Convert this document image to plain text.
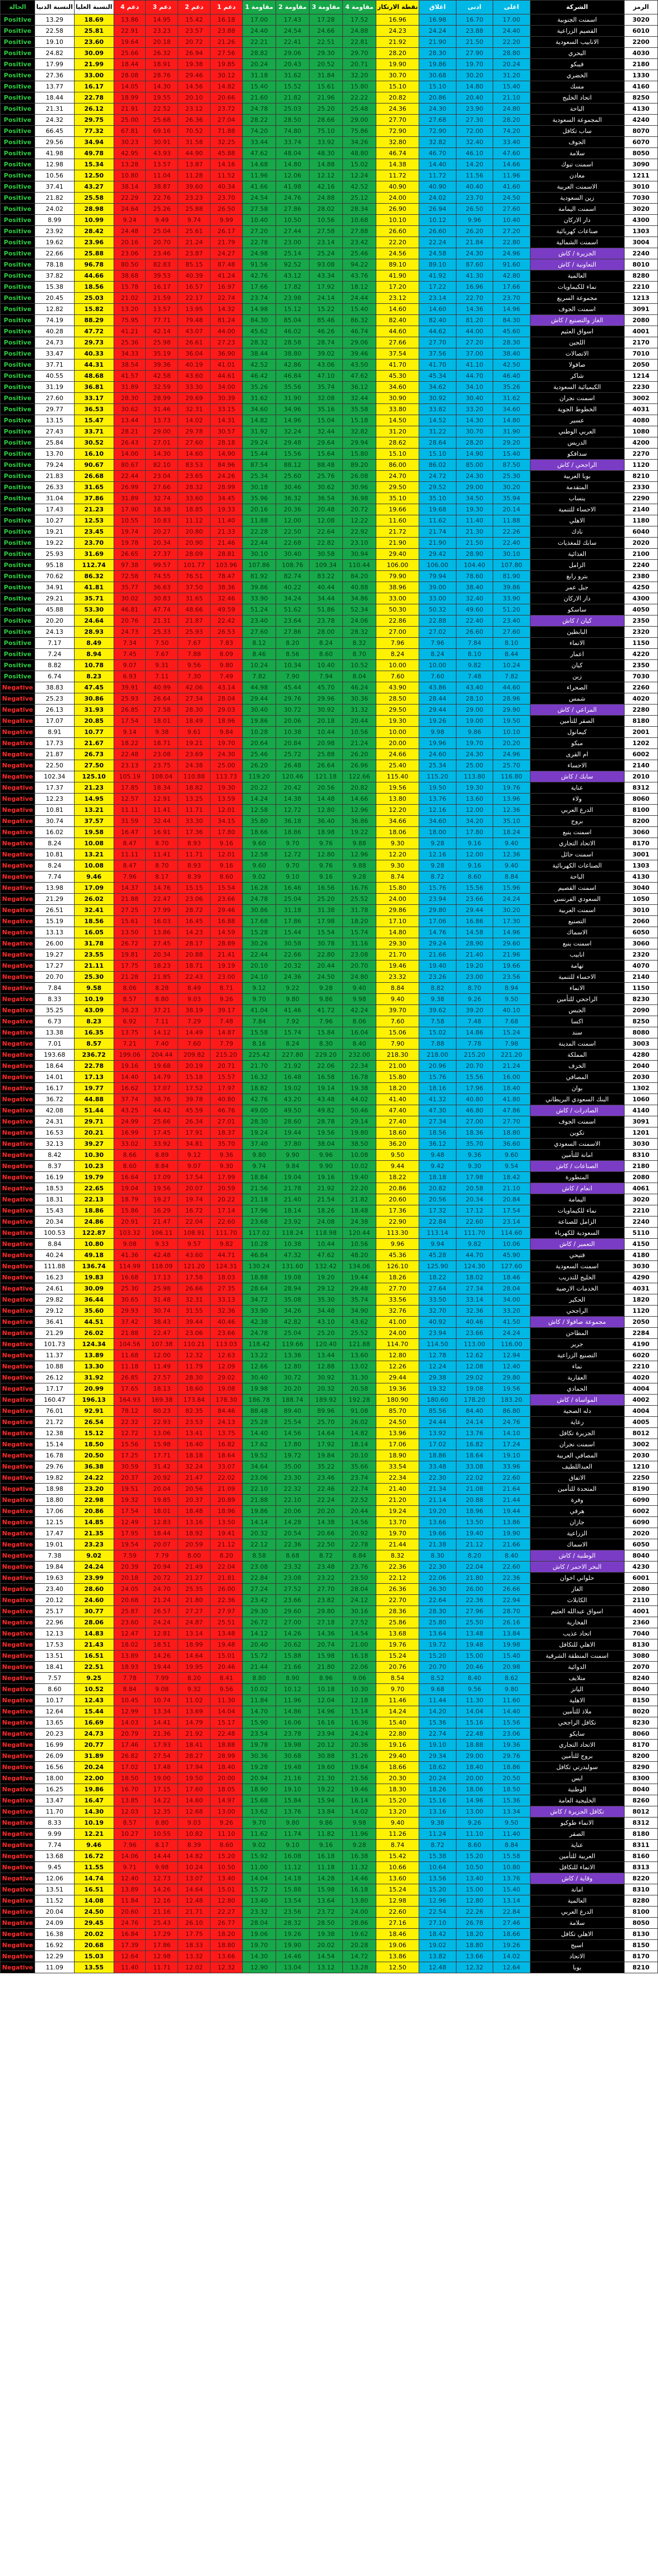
الحالة	النسبة الدنيا	النسبة العليا	دعم 4	دعم 3	دعم 2	دعم 1	مقاومة 1	مقاومة 2	مقاومة 3	مقاومة 4	نقطة الارتكاز	اغلاق	ادنى	اعلى	الشركة	الرمز
Positive	13.29	18.69	13.86	14.95	15.42	16.18	17.00	17.43	17.28	17.52	16.96	16.98	16.70	17.00	اسمنت الجنوبية	3020
Positive	22.58	25.81	22.91	23.23	23.57	23.88	24.40	24.54	24.66	24.88	24.23	24.24	23.88	24.40	القصيم الزراعية	6010
Positive	19.10	23.60	19.64	20.18	20.72	21.26	22.21	22.41	22.51	22.81	21.92	21.90	21.50	22.20	الانابيب السعودية	2200
Positive	24.82	30.09	25.66	26.32	26.94	27.56	28.82	29.06	29.30	29.70	28.20	28.30	27.90	28.80	البحري	4030
Positive	17.99	21.99	18.44	18.91	19.38	19.85	20.24	20.43	20.52	20.71	19.90	19.86	19.70	20.24	فيبكو	2180
Positive	27.36	33.00	28.08	28.76	29.46	30.12	31.18	31.62	31.84	32.20	30.70	30.68	30.20	31.20	الخضري	1330
Positive	13.77	16.17	14.05	14.30	14.56	14.82	15.40	15.52	15.61	15.80	15.10	15.10	14.80	15.40	مسك	4160
Positive	18.44	22.78	18.99	19.55	20.10	20.66	21.60	21.82	21.96	22.22	20.82	20.86	20.40	21.10	اتحاد الخليج	8250
Positive	21.31	26.12	21.91	22.52	23.12	23.72	24.78	25.03	25.20	25.48	24.36	24.30	23.90	24.80	الباحة	4130
Positive	24.32	29.75	25.00	25.68	26.36	27.04	28.22	28.50	28.66	29.00	27.70	27.68	27.30	28.20	المجموعة السعودية	4240
Positive	66.45	77.32	67.81	69.16	70.52	71.88	74.20	74.80	75.10	75.86	72.90	72.90	72.00	74.20	ساب تكافل	8070
Positive	29.56	34.94	30.23	30.91	31.58	32.25	33.44	33.74	33.92	34.26	32.80	32.82	32.40	33.40	الجوف	6070
Positive	41.98	49.78	42.95	43.93	44.90	45.88	47.62	48.04	48.30	48.80	46.74	46.70	46.10	47.60	سلامة	8050
Positive	12.98	15.34	13.28	13.57	13.87	14.16	14.68	14.80	14.88	15.02	14.38	14.40	14.20	14.66	اسمنت تبوك	3090
Positive	10.56	12.50	10.80	11.04	11.28	11.52	11.96	12.06	12.12	12.24	11.72	11.72	11.56	11.96	معادن	1211
Positive	37.41	43.27	38.14	38.87	39.60	40.34	41.66	41.98	42.16	42.52	40.90	40.90	40.40	41.60	الاسمنت العربية	3010
Positive	21.82	25.58	22.29	22.76	23.23	23.70	24.54	24.76	24.88	25.12	24.00	24.02	23.70	24.50	زين السعودية	7030
Positive	24.02	28.98	24.64	25.26	25.88	26.50	27.58	27.86	28.02	28.34	26.90	26.94	26.50	27.60	اسمنت اليمامة	3020
Positive	8.99	10.99	9.24	9.49	9.74	9.99	10.40	10.50	10.56	10.68	10.10	10.12	9.96	10.40	دار الاركان	4300
Positive	23.92	28.42	24.48	25.04	25.61	26.17	27.20	27.44	27.58	27.88	26.60	26.60	26.20	27.20	صناعات كهربائية	1303
Positive	19.62	23.96	20.16	20.70	21.24	21.79	22.78	23.00	23.14	23.42	22.20	22.24	21.84	22.80	اسمنت الشمالية	3004
Positive	22.66	25.88	23.06	23.46	23.87	24.27	24.98	25.14	25.24	25.46	24.56	24.58	24.30	24.96	الجزيرة / كاش	2240
Positive	78.18	96.78	80.50	82.83	85.15	87.48	91.56	92.52	93.08	94.22	89.10	89.10	87.60	91.60	التعاونية / كاش	8010
Positive	37.82	44.66	38.68	39.53	40.39	41.24	42.76	43.12	43.34	43.76	41.90	41.92	41.30	42.80	العالمية	8280
Positive	15.38	18.56	15.78	16.17	16.57	16.97	17.66	17.82	17.92	18.12	17.20	17.22	16.96	17.66	نماء للكيماويات	2210
Positive	20.45	25.03	21.02	21.59	22.17	22.74	23.74	23.98	24.14	24.44	23.12	23.14	22.70	23.70	مجموعة السريع	1213
Positive	12.82	15.82	13.20	13.57	13.95	14.32	14.98	15.12	15.22	15.40	14.60	14.60	14.36	14.96	اسمنت الجوف	3091
Positive	74.19	88.29	75.95	77.71	79.48	81.24	84.30	85.04	85.46	86.32	82.40	82.40	81.20	84.30	الغاز والتصنيع / كاش	2080
Positive	40.28	47.72	41.21	42.14	43.07	44.00	45.62	46.02	46.26	46.74	44.60	44.62	44.00	45.60	اسواق العثيم	4001
Positive	24.73	29.73	25.36	25.98	26.61	27.23	28.32	28.58	28.74	29.06	27.66	27.70	27.20	28.30	اللجين	2170
Positive	33.47	40.33	34.33	35.19	36.04	36.90	38.44	38.80	39.02	39.46	37.54	37.56	37.00	38.40	الاتصالات	7010
Positive	37.71	44.31	38.54	39.36	40.19	41.01	42.52	42.86	43.06	43.50	41.70	41.70	41.10	42.50	صافولا	2050
Positive	40.55	48.68	41.57	42.58	43.60	44.61	46.42	46.84	47.10	47.62	45.30	45.34	44.70	46.40	شاكر	1214
Positive	31.19	36.81	31.89	32.59	33.30	34.00	35.26	35.56	35.74	36.12	34.60	34.62	34.10	35.26	الكيميائية السعودية	2230
Positive	27.60	33.17	28.30	28.99	29.69	30.39	31.62	31.90	32.08	32.44	30.90	30.92	30.40	31.62	اسمنت نجران	3002
Positive	29.77	36.53	30.62	31.46	32.31	33.15	34.60	34.96	35.16	35.58	33.80	33.82	33.20	34.60	الخطوط الجوية	4031
Positive	13.15	15.47	13.44	13.73	14.02	14.31	14.82	14.96	15.04	15.18	14.50	14.52	14.30	14.80	عسير	4080
Positive	27.43	33.71	28.21	29.00	29.78	30.57	31.92	32.24	32.44	32.82	31.20	31.22	30.70	31.90	العربي الوطني	1080
Positive	25.84	30.52	26.43	27.01	27.60	28.18	29.24	29.48	29.64	29.94	28.62	28.64	28.20	29.20	الدريس	4200
Positive	13.70	16.10	14.00	14.30	14.60	14.90	15.44	15.56	15.64	15.80	15.10	15.10	14.90	15.40	سدافكو	2270
Positive	79.24	90.67	80.67	82.10	83.53	84.96	87.54	88.12	88.48	89.20	86.00	86.02	85.00	87.50	الراجحي / كاش	1120
Positive	21.83	26.68	22.44	23.04	23.65	24.26	25.34	25.60	25.76	26.08	24.70	24.72	24.30	25.30	بوبا العربية	8210
Positive	26.33	31.65	26.99	27.66	28.32	28.99	30.18	30.46	30.62	30.96	29.50	29.52	29.00	30.20	المتقدمة	2330
Positive	31.04	37.86	31.89	32.74	33.60	34.45	35.96	36.32	36.54	36.98	35.10	35.10	34.50	35.94	ينساب	2290
Positive	17.43	21.23	17.90	18.38	18.85	19.33	20.16	20.36	20.48	20.72	19.66	19.68	19.30	20.14	الاحساء للتنمية	2140
Positive	10.27	12.53	10.55	10.83	11.12	11.40	11.88	12.00	12.08	12.22	11.60	11.62	11.40	11.88	الاهلي	1180
Positive	19.21	23.45	19.74	20.27	20.80	21.33	22.28	22.50	22.64	22.92	21.72	21.74	21.30	22.26	نادك	6040
Positive	19.22	23.70	19.78	20.34	20.90	21.46	22.44	22.68	22.82	23.10	21.90	21.90	21.50	22.40	سابك للمغذيات	2020
Positive	25.93	31.69	26.65	27.37	28.09	28.81	30.10	30.40	30.58	30.94	29.40	29.42	28.90	30.10	الغذائية	2100
Positive	95.18	112.74	97.38	99.57	101.77	103.96	107.86	108.76	109.34	110.44	106.00	106.00	104.40	107.80	الزامل	2240
Positive	70.62	86.32	72.58	74.55	76.51	78.47	81.92	82.74	83.22	84.20	79.90	79.94	78.60	81.90	بترو رابغ	2380
Positive	34.91	41.81	35.77	36.63	37.50	38.36	39.86	40.22	40.44	40.88	38.96	39.00	38.40	39.86	جبل عمر	4250
Positive	29.21	35.71	30.02	30.83	31.65	32.46	33.90	34.24	34.44	34.86	33.00	33.00	32.40	33.90	دار الاركان	4300
Positive	45.88	53.30	46.81	47.74	48.66	49.59	51.24	51.62	51.86	52.34	50.30	50.32	49.60	51.20	ساسكو	4050
Positive	20.20	24.64	20.76	21.31	21.87	22.42	23.40	23.64	23.78	24.06	22.86	22.88	22.40	23.40	كيان / كاش	2350
Positive	24.13	28.93	24.73	25.33	25.93	26.53	27.60	27.86	28.00	28.32	27.00	27.02	26.60	27.60	البابطين	2320
Positive	7.17	8.49	7.34	7.50	7.67	7.83	8.12	8.20	8.24	8.32	7.96	7.96	7.84	8.10	الانماء	1150
Positive	7.24	8.94	7.45	7.67	7.88	8.09	8.46	8.56	8.60	8.70	8.24	8.24	8.10	8.44	اعمار	4220
Positive	8.82	10.78	9.07	9.31	9.56	9.80	10.24	10.34	10.40	10.52	10.00	10.00	9.82	10.24	كيان	2350
Positive	6.74	8.23	6.93	7.11	7.30	7.49	7.82	7.90	7.94	8.04	7.60	7.60	7.48	7.82	زين	7030
Negative	38.83	47.45	39.91	40.99	42.06	43.14	44.98	45.44	45.70	46.24	43.90	43.86	43.40	44.60	الصحراء	2260
Negative	25.23	30.86	25.93	26.64	27.34	28.04	29.44	29.76	29.96	30.36	28.50	28.44	28.10	28.96	شمس	4020
Negative	26.13	31.93	26.85	27.58	28.30	29.03	30.40	30.72	30.92	31.32	29.50	29.44	29.00	29.90	المراعي / كاش	2280
Negative	17.07	20.85	17.54	18.01	18.49	18.96	19.86	20.06	20.18	20.44	19.30	19.26	19.00	19.50	الصقر للتأمين	8180
Negative	8.91	10.77	9.14	9.38	9.61	9.84	10.28	10.38	10.44	10.56	10.00	9.98	9.86	10.10	كيمانول	2001
Negative	17.73	21.67	18.22	18.71	19.21	19.70	20.64	20.84	20.98	21.24	20.00	19.96	19.70	20.20	مبكو	1202
Negative	21.87	26.73	22.48	23.08	23.69	24.30	25.46	25.72	25.88	26.20	24.66	24.60	24.30	24.96	ام القرى	6002
Negative	22.50	27.50	23.13	23.75	24.38	25.00	26.20	26.48	26.64	26.96	25.40	25.34	25.00	25.70	الاحساء	2140
Negative	102.34	125.10	105.19	108.04	110.88	113.73	119.20	120.46	121.18	122.66	115.40	115.20	113.80	116.80	سابك / كاش	2010
Negative	17.37	21.23	17.85	18.34	18.82	19.30	20.22	20.42	20.56	20.82	19.56	19.50	19.30	19.76	عناية	8312
Negative	12.23	14.95	12.57	12.91	13.25	13.59	14.24	14.38	14.48	14.66	13.80	13.76	13.60	13.96	ولاء	8060
Negative	10.81	13.21	11.11	11.41	11.71	12.01	12.58	12.72	12.80	12.96	12.20	12.16	12.00	12.36	الدرع العربي	8100
Negative	30.74	37.57	31.59	32.44	33.30	34.15	35.80	36.18	36.40	36.86	34.66	34.60	34.20	35.10	بروج	8200
Negative	16.02	19.58	16.47	16.91	17.36	17.80	18.66	18.86	18.98	19.22	18.06	18.00	17.80	18.24	اسمنت ينبع	3060
Negative	8.24	10.08	8.47	8.70	8.93	9.16	9.60	9.70	9.76	9.88	9.30	9.28	9.16	9.40	الاتحاد التجاري	8170
Negative	10.81	13.21	11.11	11.41	11.71	12.01	12.58	12.72	12.80	12.96	12.20	12.16	12.00	12.36	اسمنت حائل	3001
Negative	8.24	10.08	8.47	8.70	8.93	9.16	9.60	9.70	9.76	9.88	9.30	9.28	9.16	9.40	الصناعات الكهربائية	1303
Negative	7.74	9.46	7.96	8.17	8.39	8.60	9.02	9.10	9.16	9.28	8.74	8.72	8.60	8.84	الباحة	4130
Negative	13.98	17.09	14.37	14.76	15.15	15.54	16.28	16.46	16.56	16.76	15.80	15.76	15.56	15.96	اسمنت القصيم	3040
Negative	21.29	26.02	21.88	22.47	23.06	23.66	24.78	25.04	25.20	25.52	24.00	23.94	23.66	24.24	السعودي الفرنسي	1050
Negative	26.51	32.41	27.25	27.99	28.72	29.46	30.86	31.18	31.38	31.78	29.86	29.80	29.44	30.20	اسمنت العربية	3010
Negative	15.19	18.56	15.61	16.03	16.45	16.88	17.68	17.86	17.98	18.20	17.10	17.06	16.86	17.30	التصنيع	2060
Negative	13.13	16.05	13.50	13.86	14.23	14.59	15.28	15.44	15.54	15.74	14.80	14.76	14.58	14.96	الاسماك	6050
Negative	26.00	31.78	26.72	27.45	28.17	28.89	30.26	30.58	30.78	31.16	29.30	29.24	28.90	29.60	اسمنت ينبع	3060
Negative	19.27	23.55	19.81	20.34	20.88	21.41	22.44	22.66	22.80	23.08	21.70	21.66	21.40	21.96	انابيب	2320
Negative	17.27	21.11	17.75	18.23	18.71	19.19	20.10	20.32	20.44	20.70	19.46	19.40	19.20	19.66	تهامة	4070
Negative	20.70	25.30	21.28	21.85	22.43	23.00	24.10	24.36	24.50	24.80	23.32	23.26	23.00	23.56	الاحساء للتنمية	2140
Negative	7.84	9.58	8.06	8.28	8.49	8.71	9.12	9.22	9.28	9.40	8.84	8.82	8.70	8.94	الانماء	1150
Negative	8.33	10.19	8.57	8.80	9.03	9.26	9.70	9.80	9.86	9.98	9.40	9.38	9.26	9.50	الراجحي للتأمين	8230
Negative	35.25	43.09	36.23	37.21	38.19	39.17	41.04	41.46	41.72	42.24	39.70	39.62	39.20	40.10	الجبس	2090
Negative	6.73	8.23	6.92	7.11	7.29	7.48	7.84	7.92	7.96	8.06	7.60	7.58	7.48	7.68	اكسا	8250
Negative	13.38	16.35	13.75	14.12	14.49	14.87	15.58	15.74	15.84	16.04	15.06	15.02	14.86	15.24	سند	8080
Negative	7.01	8.57	7.21	7.40	7.60	7.79	8.16	8.24	8.30	8.40	7.90	7.88	7.78	7.98	اسمنت المدينة	3003
Negative	193.68	236.72	199.06	204.44	209.82	215.20	225.42	227.80	229.20	232.00	218.30	218.00	215.20	221.20	المملكة	4280
Negative	18.64	22.78	19.16	19.68	20.19	20.71	21.70	21.92	22.06	22.34	21.00	20.96	20.70	21.24	الخزف	2040
Negative	14.01	17.13	14.40	14.79	15.18	15.57	16.32	16.48	16.58	16.78	15.80	15.76	15.56	16.00	المصافي	2030
Negative	16.17	19.77	16.62	17.07	17.52	17.97	18.82	19.02	19.14	19.38	18.20	18.16	17.96	18.40	بوان	1302
Negative	36.72	44.88	37.74	38.76	39.78	40.80	42.76	43.20	43.48	44.02	41.40	41.32	40.80	41.80	البنك السعودي البريطاني	1060
Negative	42.08	51.44	43.25	44.42	45.59	46.76	49.00	49.50	49.82	50.46	47.40	47.30	46.80	47.86	الصادرات / كاش	4140
Negative	24.31	29.71	24.99	25.66	26.34	27.01	28.30	28.60	28.78	29.14	27.40	27.34	27.00	27.70	اسمنت الجوف	3091
Negative	16.53	20.21	16.99	17.45	17.91	18.37	19.24	19.44	19.56	19.80	18.60	18.56	18.36	18.80	تكوين	1201
Negative	32.13	39.27	33.02	33.92	34.81	35.70	37.40	37.80	38.04	38.50	36.20	36.12	35.70	36.60	الاسمنت السعودي	3030
Negative	8.42	10.30	8.66	8.89	9.12	9.36	9.80	9.90	9.96	10.08	9.50	9.48	9.36	9.60	امانة للتأمين	8310
Negative	8.37	10.23	8.60	8.84	9.07	9.30	9.74	9.84	9.90	10.02	9.44	9.42	9.30	9.54	الصناعات / كاش	2180
Negative	16.19	19.79	16.64	17.09	17.54	17.99	18.84	19.04	19.16	19.40	18.22	18.18	17.98	18.42	المتطورة	2080
Negative	18.53	22.65	19.04	19.56	20.07	20.59	21.56	21.78	21.92	22.20	20.86	20.82	20.58	21.10	انعام / كاش	4061
Negative	18.31	22.13	18.79	19.27	19.74	20.22	21.18	21.40	21.54	21.82	20.60	20.56	20.34	20.84	اليمامة	3020
Negative	15.43	18.86	15.86	16.29	16.72	17.14	17.96	18.14	18.26	18.48	17.36	17.32	17.12	17.54	نماء للكيماويات	2210
Negative	20.34	24.86	20.91	21.47	22.04	22.60	23.68	23.92	24.08	24.38	22.90	22.84	22.60	23.14	الزامل للصناعة	2240
Negative	100.53	122.87	103.32	106.11	108.91	111.70	117.02	118.24	118.98	120.44	113.30	113.14	111.70	114.60	السعودية للكهرباء	5110
Negative	8.84	10.80	9.08	9.33	9.57	9.82	10.28	10.38	10.44	10.56	9.96	9.94	9.82	10.06	التعمير / كاش	4150
Negative	40.24	49.18	41.36	42.48	43.60	44.71	46.84	47.32	47.62	48.20	45.36	45.28	44.70	45.90	فتيحي	4180
Negative	111.88	136.74	114.99	118.09	121.20	124.31	130.24	131.60	132.42	134.06	126.10	125.90	124.30	127.60	اسمنت السعودية	3030
Negative	16.23	19.83	16.68	17.13	17.58	18.03	18.88	19.08	19.20	19.44	18.26	18.22	18.02	18.46	الخليج للتدريب	4290
Negative	24.61	30.09	25.30	25.98	26.66	27.35	28.64	28.94	29.12	29.48	27.70	27.64	27.34	28.04	الخدمات الارضية	4031
Negative	29.82	36.44	30.65	31.48	32.31	33.13	34.72	35.08	35.30	35.74	33.56	33.50	33.14	34.00	الحكير	1820
Negative	29.12	35.60	29.93	30.74	31.55	32.36	33.90	34.26	34.48	34.90	32.76	32.70	32.36	33.20	الراجحي	1120
Negative	36.41	44.51	37.42	38.43	39.44	40.46	42.38	42.82	43.10	43.62	41.00	40.92	40.46	41.50	مجموعة صافولا / كاش	2050
Negative	21.29	26.02	21.88	22.47	23.06	23.66	24.78	25.04	25.20	25.52	24.00	23.94	23.66	24.24	المطاحن	2284
Negative	101.73	124.34	104.56	107.38	110.21	113.03	118.42	119.66	120.40	121.88	114.70	114.50	113.00	116.00	جرير	4190
Negative	11.37	13.89	11.68	12.00	12.32	12.63	13.22	13.36	13.44	13.60	12.80	12.78	12.62	12.94	التصنيع الزراعية	6020
Negative	10.88	13.30	11.18	11.49	11.79	12.09	12.66	12.80	12.88	13.02	12.26	12.24	12.08	12.40	نماء	2210
Negative	26.12	31.92	26.85	27.57	28.30	29.02	30.40	30.72	30.92	31.30	29.44	29.38	29.02	29.80	العقارية	4020
Negative	17.17	20.99	17.65	18.13	18.60	19.08	19.98	20.20	20.32	20.58	19.36	19.32	19.08	19.56	الحمادي	4004
Negative	160.47	196.13	164.93	169.38	173.84	178.30	186.78	188.74	189.92	192.28	180.90	180.60	178.20	183.20	المواساة / كاش	4002
Negative	76.01	92.91	78.12	80.23	82.35	84.46	88.48	89.40	89.96	91.08	85.70	85.56	84.40	86.80	دله الصحية	4004
Negative	21.72	26.54	22.32	22.93	23.53	24.13	25.28	25.54	25.70	26.02	24.50	24.44	24.14	24.76	رعاية	4005
Negative	12.38	15.12	12.72	13.06	13.41	13.75	14.40	14.56	14.64	14.82	13.96	13.92	13.76	14.10	الجزيرة تكافل	8012
Negative	15.14	18.50	15.56	15.98	16.40	16.82	17.62	17.80	17.92	18.14	17.06	17.02	16.82	17.24	اسمنت نجران	3002
Negative	16.78	20.50	17.25	17.71	18.18	18.64	19.52	19.72	19.84	20.10	18.90	18.86	18.64	19.10	المصافي العربية	2030
Negative	29.76	36.38	30.59	31.42	32.24	33.07	34.64	35.00	35.22	35.66	33.54	33.48	33.08	33.96	العبداللطيف	1210
Negative	19.82	24.22	20.37	20.92	21.47	22.02	23.06	23.30	23.46	23.74	22.34	22.30	22.02	22.60	الاتفاق	2250
Negative	18.98	23.20	19.51	20.04	20.56	21.09	22.10	22.32	22.46	22.74	21.40	21.34	21.08	21.64	المتحدة للتأمين	8190
Negative	18.80	22.98	19.32	19.85	20.37	20.89	21.88	22.10	22.24	22.52	21.20	21.14	20.88	21.44	وفرة	6090
Negative	17.06	20.86	17.54	18.01	18.48	18.96	19.86	20.06	20.20	20.44	19.24	19.20	18.96	19.44	هرفي	6002
Negative	12.15	14.85	12.49	12.83	13.16	13.50	14.14	14.28	14.38	14.56	13.70	13.66	13.50	13.86	جازان	6090
Negative	17.47	21.35	17.95	18.44	18.92	19.41	20.32	20.54	20.66	20.92	19.70	19.66	19.40	19.90	الزراعية	2020
Negative	19.01	23.23	19.54	20.07	20.59	21.12	22.12	22.36	22.50	22.78	21.44	21.38	21.12	21.66	الاسماك	6050
Negative	7.38	9.02	7.59	7.79	8.00	8.20	8.58	8.68	8.72	8.84	8.32	8.30	8.20	8.40	الوطنية / كاش	8040
Negative	19.84	24.24	20.39	20.94	21.49	22.04	23.08	23.32	23.48	23.76	22.36	22.30	22.04	22.60	البحر الاحمر / كاش	4230
Negative	19.63	23.99	20.18	20.72	21.27	21.81	22.84	23.08	23.22	23.50	22.12	22.06	21.80	22.36	حلواني اخوان	6001
Negative	23.40	28.60	24.05	24.70	25.35	26.00	27.24	27.52	27.70	28.04	26.36	26.30	26.00	26.66	الغاز	2080
Negative	20.12	24.60	20.68	21.24	21.80	22.36	23.42	23.66	23.82	24.12	22.70	22.64	22.36	22.94	الكابلات	2110
Negative	25.17	30.77	25.87	26.57	27.27	27.97	29.30	29.60	29.80	30.16	28.36	28.30	27.96	28.70	اسواق عبدالله العثيم	4001
Negative	22.96	28.06	23.60	24.24	24.87	25.51	26.72	27.00	27.18	27.52	25.86	25.80	25.50	26.16	الفخارية	2360
Negative	12.13	14.83	12.47	12.81	13.14	13.48	14.12	14.26	14.36	14.54	13.68	13.64	13.48	13.84	اتحاد عذيب	7040
Negative	17.53	21.43	18.02	18.51	18.99	19.48	20.40	20.62	20.74	21.00	19.76	19.72	19.48	19.98	الاهلي للتكافل	8130
Negative	13.51	16.51	13.89	14.26	14.64	15.01	15.72	15.88	15.98	16.18	15.24	15.20	15.00	15.40	اسمنت المنطقة الشرقية	3080
Negative	18.41	22.51	18.93	19.44	19.95	20.46	21.44	21.66	21.80	22.06	20.76	20.70	20.46	20.98	الدوائية	2070
Negative	7.57	9.25	7.78	7.99	8.20	8.41	8.80	8.90	8.96	9.06	8.54	8.52	8.40	8.62	متلايف	8240
Negative	8.60	10.52	8.84	9.08	9.32	9.56	10.02	10.12	10.18	10.30	9.70	9.68	9.56	9.80	اليانز	8040
Negative	10.17	12.43	10.45	10.74	11.02	11.30	11.84	11.96	12.04	12.18	11.46	11.44	11.30	11.60	الاهلية	8150
Negative	12.64	15.44	12.99	13.34	13.69	14.04	14.70	14.86	14.96	15.14	14.24	14.20	14.04	14.40	ملاذ للتأمين	8020
Negative	13.65	16.69	14.03	14.41	14.79	15.17	15.90	16.06	16.16	16.36	15.40	15.36	15.16	15.56	تكافل الراجحي	8230
Negative	20.23	24.73	20.79	21.36	21.92	22.48	23.54	23.78	23.94	24.24	22.80	22.74	22.48	23.06	سايكو	8060
Negative	16.99	20.77	17.46	17.93	18.41	18.88	19.78	19.98	20.12	20.36	19.16	19.10	18.88	19.36	الاتحاد التجاري	8170
Negative	26.09	31.89	26.82	27.54	28.27	28.99	30.36	30.68	30.88	31.26	29.40	29.34	29.00	29.76	بروج للتأمين	8200
Negative	16.56	20.24	17.02	17.48	17.94	18.40	19.28	19.48	19.60	19.84	18.66	18.62	18.40	18.86	سوليدرتي تكافل	8290
Negative	18.00	22.00	18.50	19.00	19.50	20.00	20.94	21.16	21.30	21.56	20.30	20.24	20.00	20.50	ايس	8300
Negative	16.25	19.86	16.70	17.15	17.60	18.05	18.90	19.10	19.22	19.46	18.30	18.26	18.06	18.50	الوطنية	8040
Negative	13.47	16.47	13.85	14.22	14.60	14.97	15.68	15.84	15.94	16.14	15.20	15.16	14.96	15.36	الخليجية العامة	8260
Negative	11.70	14.30	12.03	12.35	12.68	13.00	13.62	13.76	13.84	14.02	13.20	13.16	13.00	13.34	تكافل الجزيرة / كاش	8012
Negative	8.33	10.19	8.57	8.80	9.03	9.26	9.70	9.80	9.86	9.98	9.40	9.38	9.26	9.50	الانماء طوكيو	8312
Negative	9.99	12.21	10.27	10.55	10.82	11.10	11.62	11.74	11.82	11.96	11.26	11.24	11.10	11.40	الصقر	8180
Negative	7.74	9.46	7.96	8.17	8.39	8.60	9.02	9.10	9.16	9.28	8.74	8.72	8.60	8.84	عناية	8311
Negative	13.68	16.72	14.06	14.44	14.82	15.20	15.92	16.08	16.18	16.38	15.42	15.38	15.20	15.58	العربية للتأمين	8160
Negative	9.45	11.55	9.71	9.98	10.24	10.50	11.00	11.12	11.18	11.32	10.66	10.64	10.50	10.80	الانماء للتكافل	8313
Negative	12.06	14.74	12.40	12.73	13.07	13.40	14.04	14.18	14.28	14.46	13.60	13.56	13.40	13.76	وقاية / كاش	8220
Negative	13.51	16.51	13.89	14.26	14.64	15.01	15.72	15.88	15.98	16.18	15.24	15.20	15.00	15.40	امانة	8310
Negative	11.52	14.08	11.84	12.16	12.48	12.80	13.40	13.54	13.64	13.80	12.98	12.96	12.80	13.14	العالمية	8280
Negative	20.04	24.50	20.60	21.16	21.71	22.27	23.32	23.56	23.72	24.00	22.60	22.54	22.26	22.84	الدرع العربي	8100
Negative	24.09	29.45	24.76	25.43	26.10	26.77	28.04	28.32	28.50	28.86	27.16	27.10	26.78	27.46	سلامة	8050
Negative	16.38	20.02	16.84	17.29	17.75	18.20	19.06	19.26	19.38	19.62	18.46	18.42	18.20	18.66	الاهلي تكافل	8130
Negative	16.92	20.68	17.39	17.86	18.33	18.80	19.70	19.90	20.02	20.28	19.06	19.02	18.80	19.26	اسيج	8150
Negative	12.29	15.03	12.64	12.98	13.32	13.66	14.30	14.46	14.54	14.72	13.86	13.82	13.66	14.02	الاتحاد	8170
Negative	11.09	13.55	11.40	11.71	12.02	12.32	12.90	13.04	13.12	13.28	12.50	12.48	12.32	12.64	بوبا	8210
